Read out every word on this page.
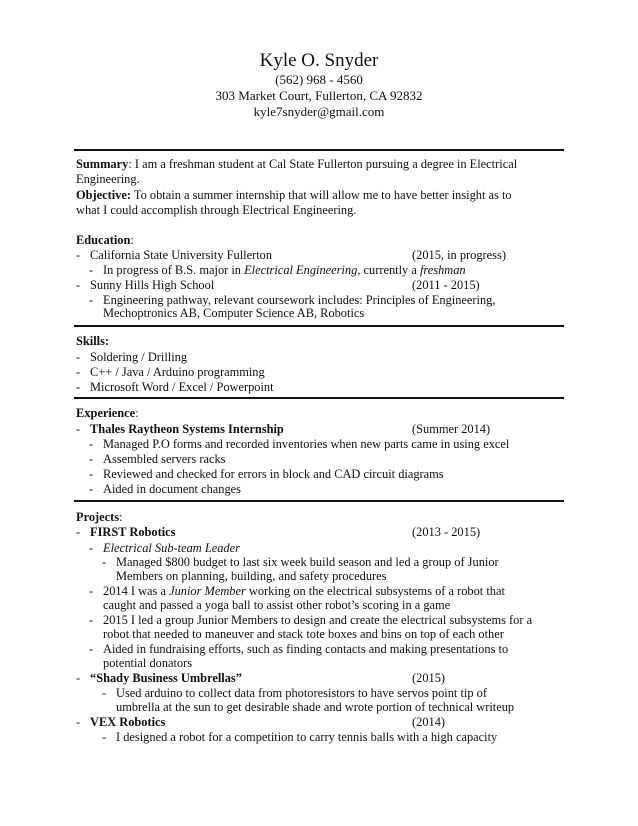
Kyle O. Snyder
(562) 968 - 4560
303 Market Court, Fullerton, CA 92832
kyle7snyder@gmail.com
Summary: I am a freshman student at Cal State Fullerton pursuing a degree in Electrical
Engineering.
Objective: To obtain a summer internship that will allow me to have better insight as to
what I could accomplish through Electrical Engineering.
Education:
- California State University Fullerton	(2015, in progress)
- In progress of B.S. major in Electrical Engineering, currently a freshman
- Sunny Hills High School	(2011 - 2015)
- Engineering pathway, relevant coursework includes: Principles of Engineering,
Mechoptronics AB, Computer Science AB, Robotics
Skills:
- Soldering / Drilling
- C++ / Java / Arduino programming
- Microsoft Word / Excel / Powerpoint
Experience:
- Thales Raytheon Systems Internship	(Summer 2014)
- Managed P.O forms and recorded inventories when new parts came in using excel
- Assembled servers racks
- Reviewed and checked for errors in block and CAD circuit diagrams
- Aided in document changes
Projects:
- FIRST Robotics	(2013 - 2015)
- Electrical Sub-team Leader
- Managed $800 budget to last six week build season and led a group of Junior
Members on planning, building, and safety procedures
- 2014 I was a Junior Member working on the electrical subsystems of a robot that
caught and passed a yoga ball to assist other robot’s scoring in a game
- 2015 I led a group Junior Members to design and create the electrical subsystems for a
robot that needed to maneuver and stack tote boxes and bins on top of each other
- Aided in fundraising efforts, such as finding contacts and making presentations to
potential donators
- “Shady Business Umbrellas”	(2015)
- Used arduino to collect data from photoresistors to have servos point tip of
umbrella at the sun to get desirable shade and wrote portion of technical writeup
- VEX Robotics	(2014)
- I designed a robot for a competition to carry tennis balls with a high capacity
